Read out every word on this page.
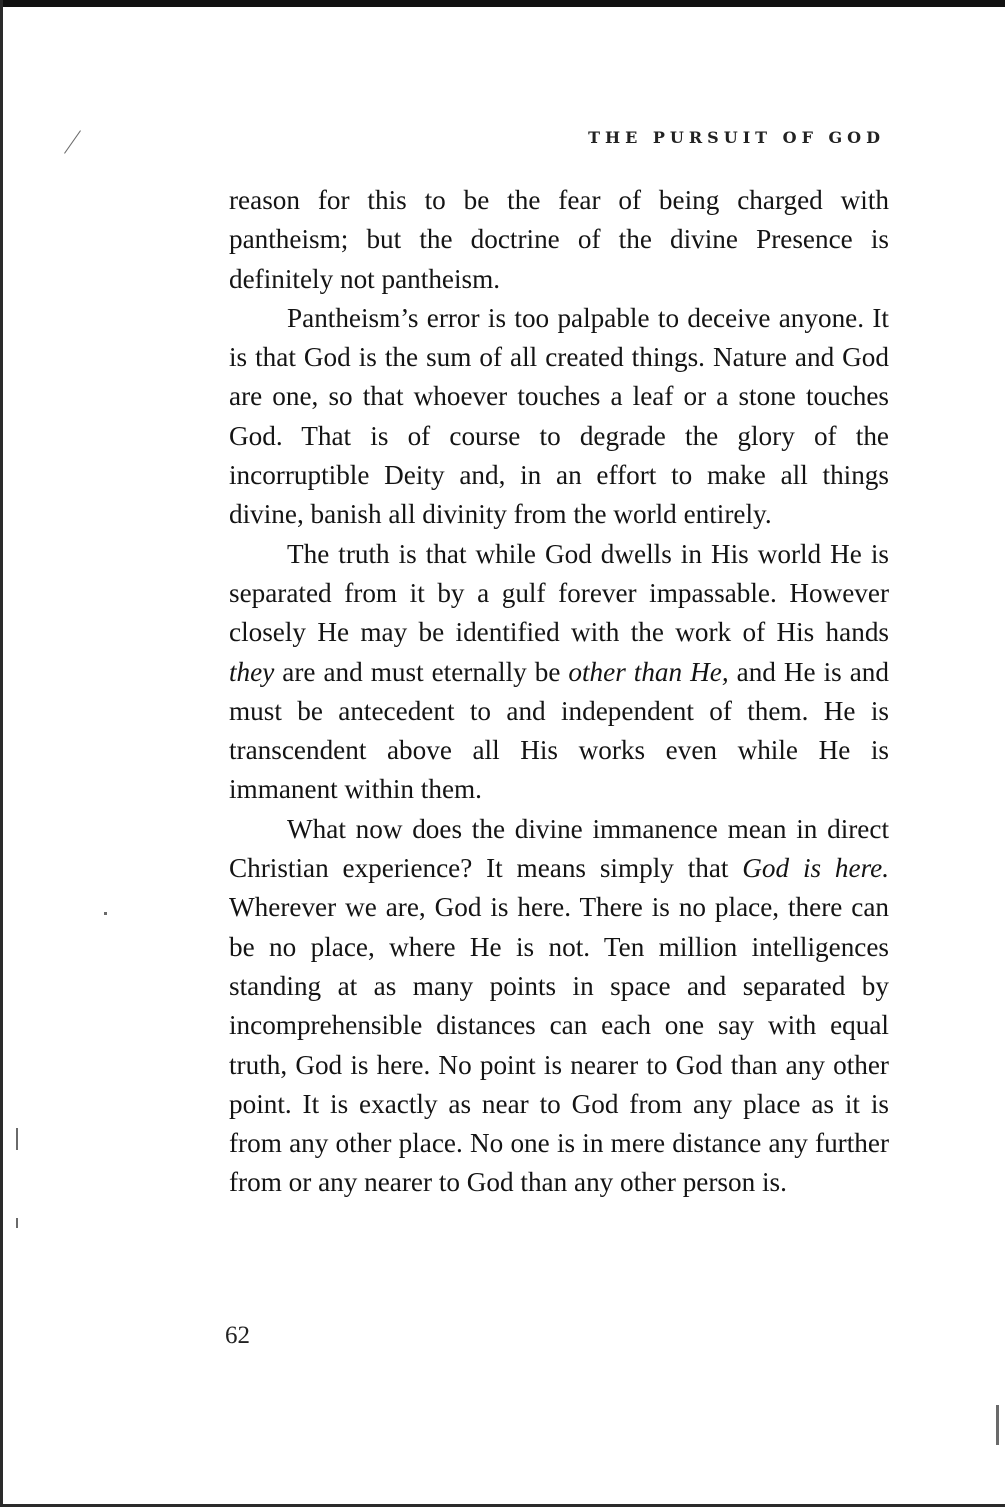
THE PURSUIT OF GOD

reason for this to be the fear of being charged with pantheism; but the doctrine of the divine Presence is definitely not pantheism.

Pantheism’s error is too palpable to deceive anyone. It is that God is the sum of all created things. Nature and God are one, so that whoever touches a leaf or a stone touches God. That is of course to degrade the glory of the incorruptible Deity and, in an effort to make all things divine, banish all divinity from the world entirely.

The truth is that while God dwells in His world He is separated from it by a gulf forever impassable. However closely He may be identified with the work of His hands they are and must eternally be other than He, and He is and must be antecedent to and independent of them. He is transcendent above all His works even while He is immanent within them.

What now does the divine immanence mean in direct Christian experience? It means simply that God is here. Wherever we are, God is here. There is no place, there can be no place, where He is not. Ten million intelligences standing at as many points in space and separated by incomprehensible distances can each one say with equal truth, God is here. No point is nearer to God than any other point. It is exactly as near to God from any place as it is from any other place. No one is in mere distance any further from or any nearer to God than any other person is.

62
